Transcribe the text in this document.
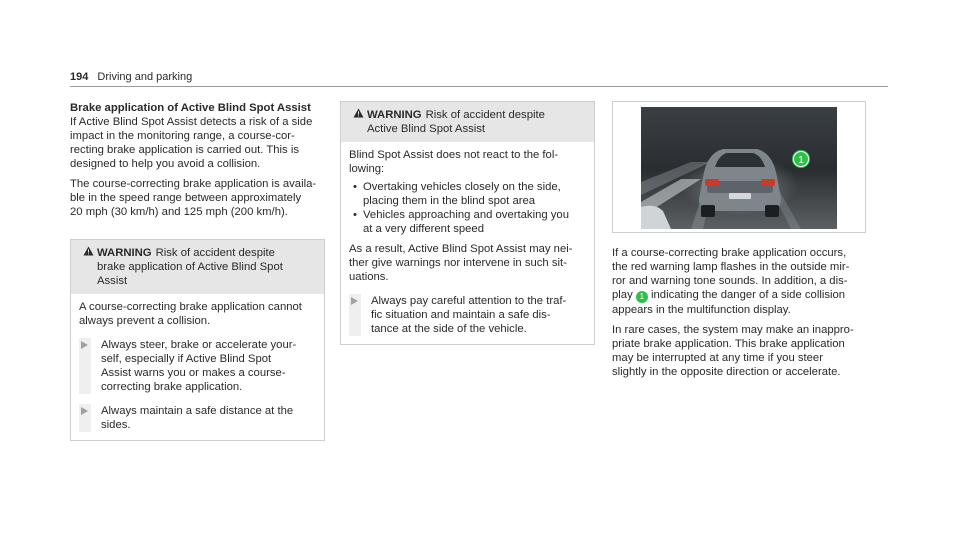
194 Driving and parking
Brake application of Active Blind Spot Assist

If Active Blind Spot Assist detects a risk of a side
impact in the monitoring range, a course-cor-
recting brake application is carried out. This is
designed to help you avoid a collision.

The course-correcting brake application is availa-
ble in the speed range between approximately
20 mph (30 km/h) and 125 mph (200 km/h).

WARNING Risk of accident despite
brake application of Active Blind Spot
Assist

A course-correcting brake application cannot
always prevent a collision.

Always steer, brake or accelerate your-
self, especially if Active Blind Spot
Assist warns you or makes a course-
correcting brake application.
Always maintain a safe distance at the
sides.
WARNING Risk of accident despite
Active Blind Spot Assist

Blind Spot Assist does not react to the fol-
lowing:

• Overtaking vehicles closely on the side,
placing them in the blind spot area
• Vehicles approaching and overtaking you
at a very different speed

As a result, Active Blind Spot Assist may nei-
ther give warnings nor intervene in such sit-
uations.

Always pay careful attention to the traf-
fic situation and maintain a safe dis-
tance at the side of the vehicle.
1

If a course-correcting brake application occurs,
the red warning lamp flashes in the outside mir-
ror and warning tone sounds. In addition, a dis-
play 1 indicating the danger of a side collision
appears in the multifunction display.

In rare cases, the system may make an inappro-
priate brake application. This brake application
may be interrupted at any time if you steer
slightly in the opposite direction or accelerate.
